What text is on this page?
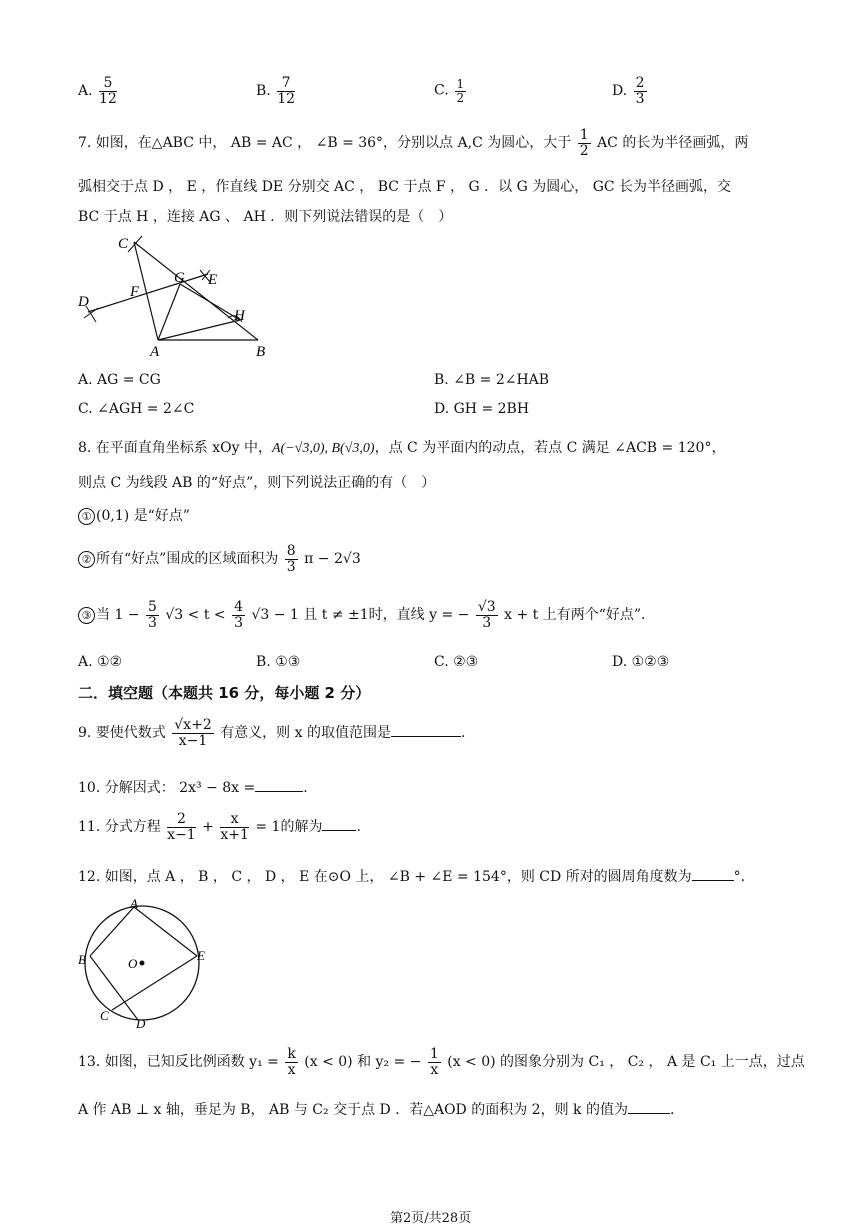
A. $\frac{5}{12}$	B. $\frac{7}{12}$	C. $\frac{1}{2}$	D. $\frac{2}{3}$
7. 如图，在△ABC 中， AB = AC ， ∠B = 36°，分别以点 A,C 为圆心，大于 $\frac{1}{2}$ AC 的长为半径画弧，两
弧相交于点 D ， E ，作直线 DE 分别交 AC ， BC 于点 F ， G ．以 G 为圆心， GC 长为半径画弧，交
BC 于点 H ，连接 AG 、 AH ．则下列说法错误的是（　）
C
G E
D
F
H
A	B
A. AG = CG	B. ∠B = 2∠HAB
C. ∠AGH = 2∠C	D. GH = 2BH
8. 在平面直角坐标系 xOy 中，A(−√3,0), B(√3,0)，点 C 为平面内的动点，若点 C 满足 ∠ACB = 120°，
则点 C 为线段 AB 的“好点”，则下列说法正确的有（　）
① (0,1) 是“好点”
② 所有“好点”围成的区域面积为 $\frac{8}{3}$ π − 2√3
③ 当 $1 - \frac{5}{3} √3 < t < \frac{4}{3} √3 - 1$ 且 t ≠ ±1时，直线 y = − $\frac{√3}{3}$ x + t 上有两个“好点”．
A. ①②	B. ①③	C. ②③	D. ①②③
二．填空题（本题共 16 分，每小题 2 分）
9. 要使代数式 $\frac{√x+2}{x-1}$ 有意义，则 x 的取值范围是	.
10. 分解因式： 2x³ − 8x =	.
11. 分式方程 $\frac{2}{x-1} + \frac{x}{x+1} = 1$的解为 .
12. 如图，点 A ， B ， C ， D ， E 在⊙O 上， ∠B + ∠E = 154°，则 CD 所对的圆周角度数为	°．
A
B
C
D
E
O
13. 如图，已知反比例函数 $y_1 = \frac{k}{x} (x < 0)$ 和 y₂ = − $\frac{1}{x} (x < 0)$ 的图象分别为 C₁ ， C₂ ， A 是 C₁ 上一点，过点
A 作 AB ⊥ x 轴，垂足为 B， AB 与 C₂ 交于点 D ．若△AOD 的面积为 2，则 k 的值为	.
第2页/共28页
